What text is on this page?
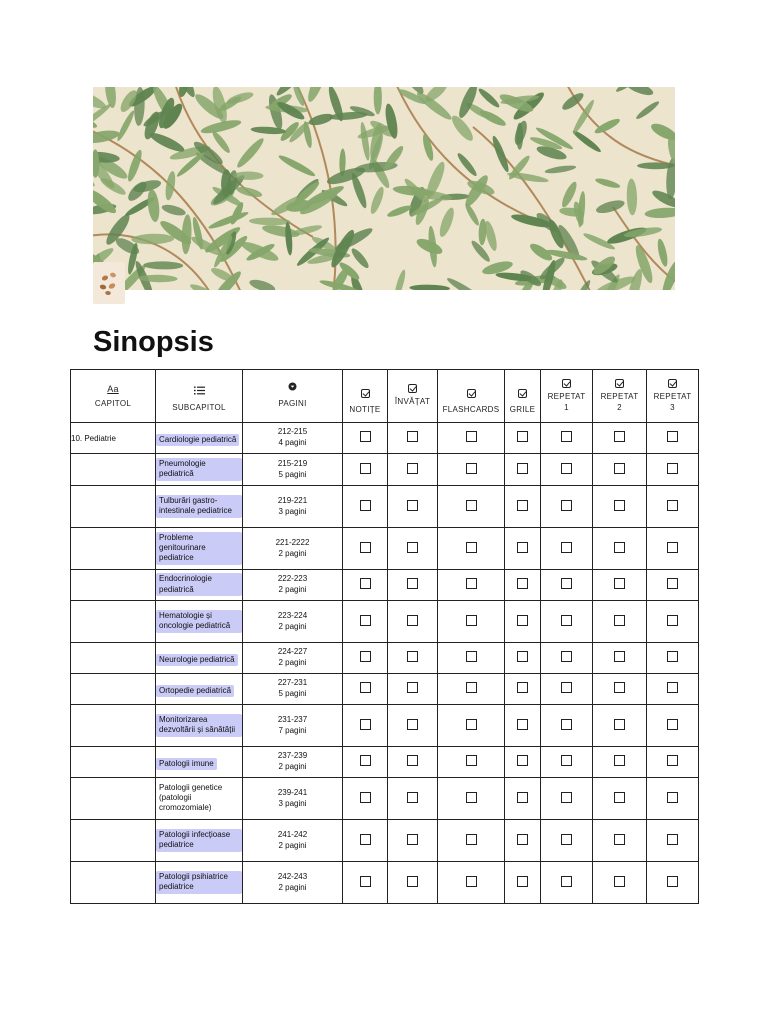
Sinopsis
Aa
CAPITOL	SUBCAPITOL	PAGINI	NOTIȚE	ÎNVĂȚAT	FLASHCARDS	GRILE	REPETAT 1	REPETAT 2	REPETAT 3

10. Pediatrie	Cardiologie pediatrică	212-215
4 pagini							

	Pneumologie pediatrică	215-219
5 pagini							

	Tulburări gastro-intestinale pediatrice	219-221
3 pagini							

	Probleme genitourinare pediatrice	221-2222
2 pagini							

	Endocrinologie pediatrică	222-223
2 pagini							

	Hematologie și oncologie pediatrică	223-224
2 pagini							

	Neurologie pediatrică	224-227
2 pagini							

	Ortopedie pediatrică	227-231
5 pagini							

	Monitorizarea dezvoltării și sănătății	231-237
7 pagini							

	Patologii imune	237-239
2 pagini							

	Patologii genetice (patologii cromozomiale)	239-241
3 pagini							

	Patologii infecțioase pediatrice	241-242
2 pagini							

	Patologii psihiatrice pediatrice	242-243
2 pagini							
